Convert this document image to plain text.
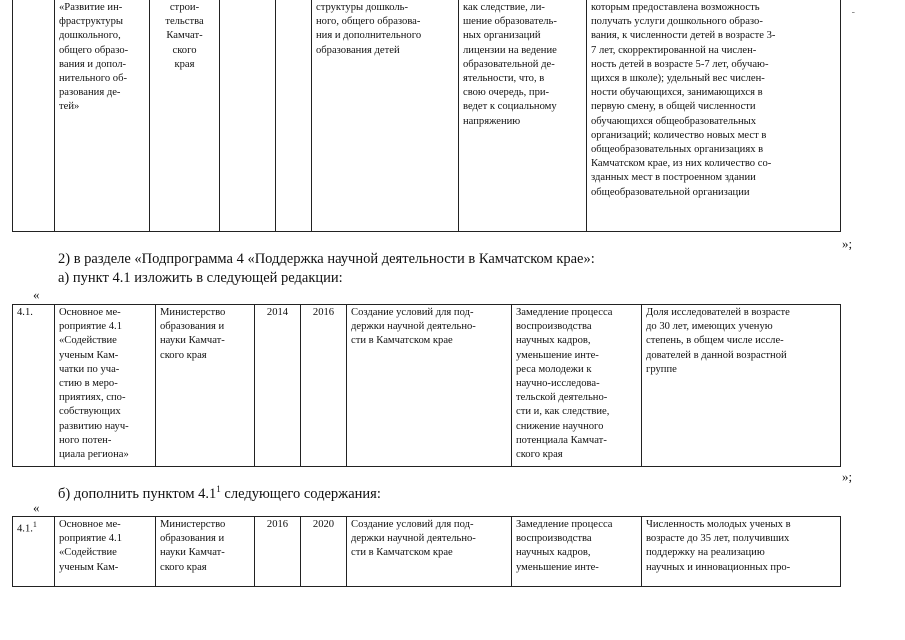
-
	«Развитие ин-
фраструктуры
дошкольного,
общего образо-
вания и допол-
нительного об-
разования де-
тей»	строи-
тельства
Камчат-
ского
края			структуры дошколь-
ного, общего образова-
ния и дополнительного
образования детей	как следствие, ли-
шение образователь-
ных организаций
лицензии на ведение
образовательной де-
ятельности, что, в
свою очередь, при-
ведет к социальному
напряжению	которым предоставлена возможность
получать услуги дошкольного образо-
вания, к численности детей в возрасте 3-
7 лет, скорректированной на числен-
ность детей в возрасте 5-7 лет, обучаю-
щихся в школе); удельный вес числен-
ности обучающихся, занимающихся в
первую смену, в общей численности
обучающихся общеобразовательных
организаций; количество новых мест в
общеобразовательных организациях в
Камчатском крае, из них количество со-
зданных мест в построенном здании
общеобразовательной организации
»;
2) в разделе «Подпрограмма 4 «Поддержка научной деятельности в Камчатском крае»:
а) пункт 4.1 изложить в следующей редакции:
«
4.1.	Основное ме-
роприятие 4.1
«Содействие
ученым Кам-
чатки по уча-
стию в меро-
приятиях, спо-
собствующих
развитию науч-
ного потен-
циала региона»	Министерство
образования и
науки Камчат-
ского края	2014	2016	Создание условий для под-
держки научной деятельно-
сти в Камчатском крае	Замедление процесса
воспроизводства
научных кадров,
уменьшение инте-
реса молодежи к
научно-исследова-
тельской деятельно-
сти и, как следствие,
снижение научного
потенциала Камчат-
ского края	Доля исследователей в возрасте
до 30 лет, имеющих ученую
степень, в общем числе иссле-
дователей в данной возрастной
группе
»;
б) дополнить пунктом $4.1^1$ следующего содержания:
«
4.1.$^1$	Основное ме-
роприятие 4.1
«Содействие
ученым Кам-	Министерство
образования и
науки Камчат-
ского края	2016	2020	Создание условий для под-
держки научной деятельно-
сти в Камчатском крае	Замедление процесса
воспроизводства
научных кадров,
уменьшение инте-	Численность молодых ученых в
возрасте до 35 лет, получивших
поддержку на реализацию
научных и инновационных про-
